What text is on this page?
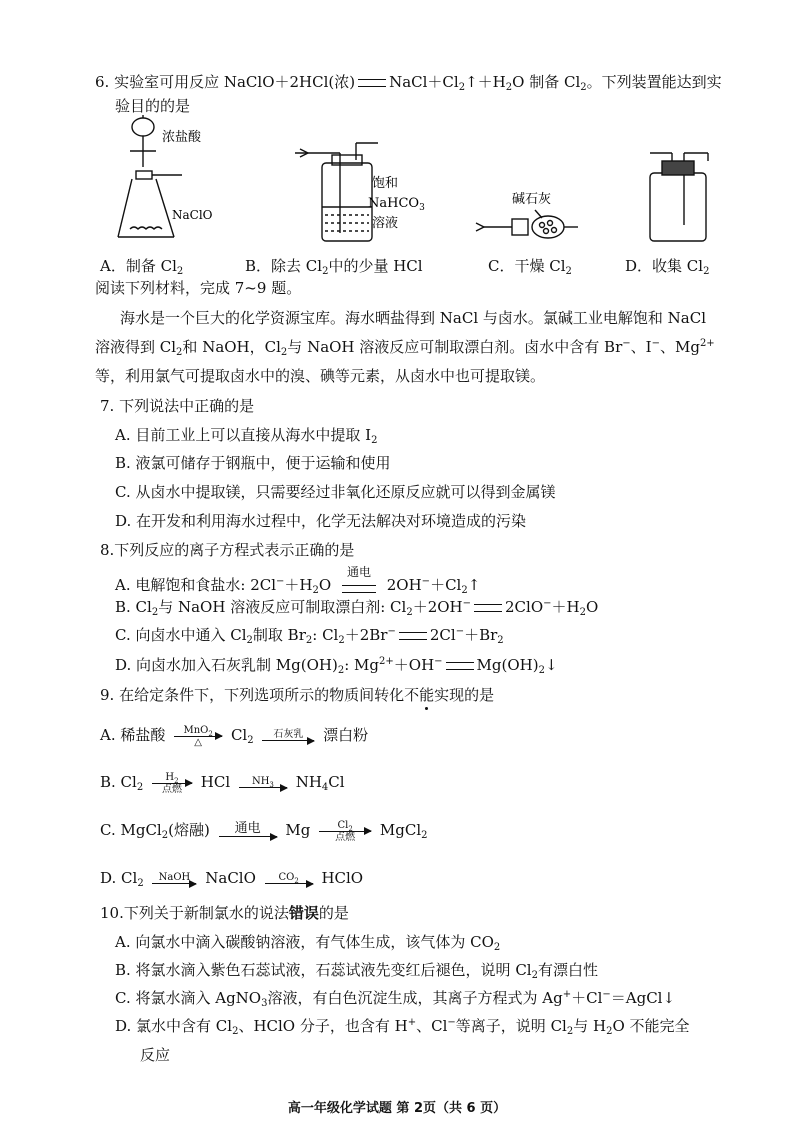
6. 实验室可用反应 NaClO＋2HCl(浓) $NaCl+Cl_2↑+H_2O$ 制备 $Cl_2$。下列装置能达到实
验目的的是
浓盐酸
NaClO
饱和
NaHCO$_3$
溶液
碱石灰
A．制备 $Cl_2$	B．除去 $Cl_2$中的少量 HCl	C．干燥 $Cl_2$	D．收集 $Cl_2$
阅读下列材料，完成 7~9 题。
海水是一个巨大的化学资源宝库。海水晒盐得到 NaCl 与卤水。氯碱工业电解饱和 NaCl
溶液得到 $Cl_2$和 NaOH，$Cl_2$与 NaOH 溶液反应可制取漂白剂。卤水中含有 Br−、I−、$Mg^{2+}$
等，利用氯气可提取卤水中的溴、碘等元素，从卤水中也可提取镁。
7. 下列说法中正确的是
A. 目前工业上可以直接从海水中提取 $I_2$
B. 液氯可储存于钢瓶中，便于运输和使用
C. 从卤水中提取镁，只需要经过非氧化还原反应就可以得到金属镁
D. 在开发和利用海水过程中，化学无法解决对环境造成的污染
8.下列反应的离子方程式表示正确的是
A. 电解饱和食盐水: $2Cl^-+H_2O$
通电
$2OH^-+Cl_2↑$
B. $Cl_2$与 NaOH 溶液反应可制取漂白剂: $Cl_2+2OH^-$ $2ClO^-+H_2O$
C. 向卤水中通入 $Cl_2$制取 $Br_2$: $Cl_2+2Br^-$ $2Cl^-+Br_2$
D. 向卤水加入石灰乳制 $Mg(OH)_2$: $Mg^{2+}+OH^-$ $Mg(OH)_2↓$
9. 在给定条件下，下列选项所示的物质间转化不能实现的是
A. 稀盐酸	MnO$_2$
△	$Cl_2$
石灰乳	漂白粉
B. $Cl_2$
$H_2$
点燃	HCl	$NH_3$	$NH_4Cl$
C. MgCl$_2$(熔融)	通电	Mg	$Cl_2$
点燃	MgCl$_2$
D. $Cl_2$
NaOH NaClO	$CO_2$	HClO
10.下列关于新制氯水的说法错误的是
A. 向氯水中滴入碳酸钠溶液，有气体生成，该气体为 $CO_2$
B. 将氯水滴入紫色石蕊试液，石蕊试液先变红后褪色，说明 $Cl_2$有漂白性
C. 将氯水滴入 AgNO$_3$溶液，有白色沉淀生成，其离子方程式为 Ag+＋Cl−＝AgCl↓
D. 氯水中含有 $Cl_2$、HClO 分子，也含有 H+、Cl−等离子，说明 $Cl_2$与 $H_2O$ 不能完全
反应
高一年级化学试题 第 2页（共 6 页）
